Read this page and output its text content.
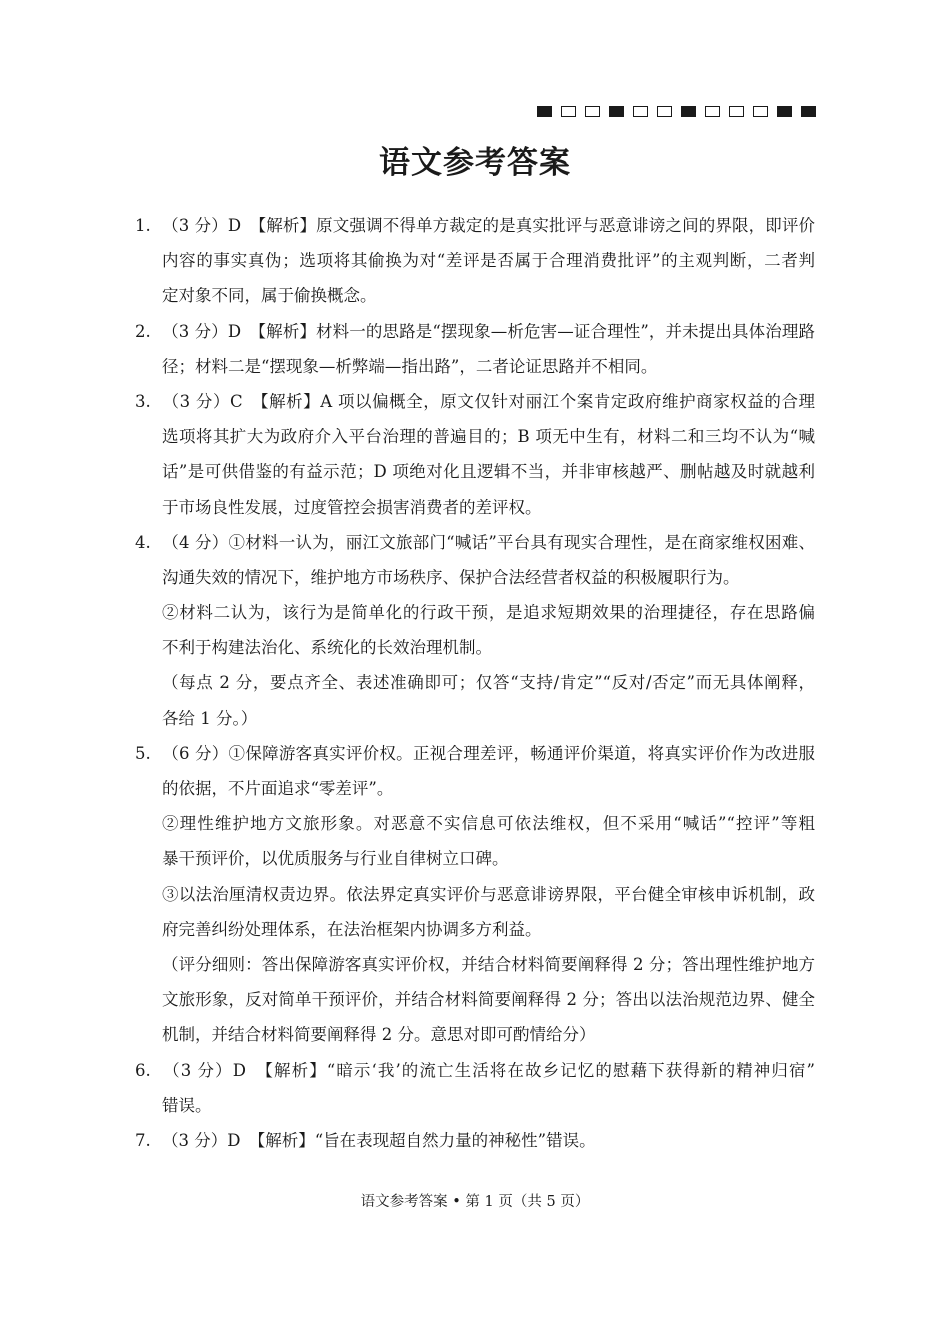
语文参考答案
1. （3 分）D　【解析】原文强调不得单方裁定的是真实批评与恶意诽谤之间的界限，即评价
内容的事实真伪；选项将其偷换为对“差评是否属于合理消费批评”的主观判断，二者判
定对象不同，属于偷换概念。
2. （3 分）D　【解析】材料一的思路是“摆现象—析危害—证合理性”，并未提出具体治理路
径；材料二是“摆现象—析弊端—指出路”，二者论证思路并不相同。
3. （3 分）C　【解析】A 项以偏概全，原文仅针对丽江个案肯定政府维护商家权益的合理
选项将其扩大为政府介入平台治理的普遍目的；B 项无中生有，材料二和三均不认为“喊
话”是可供借鉴的有益示范；D 项绝对化且逻辑不当，并非审核越严、删帖越及时就越利
于市场良性发展，过度管控会损害消费者的差评权。
4. （4 分）①材料一认为，丽江文旅部门“喊话”平台具有现实合理性，是在商家维权困难、
沟通失效的情况下，维护地方市场秩序、保护合法经营者权益的积极履职行为。
②材料二认为，该行为是简单化的行政干预，是追求短期效果的治理捷径，存在思路偏
不利于构建法治化、系统化的长效治理机制。
（每点 2 分，要点齐全、表述准确即可；仅答“支持/肯定”“反对/否定”而无具体阐释，
各给 1 分。）
5. （6 分）①保障游客真实评价权。正视合理差评，畅通评价渠道，将真实评价作为改进服
的依据，不片面追求“零差评”。
②理性维护地方文旅形象。对恶意不实信息可依法维权，但不采用“喊话”“控评”等粗
暴干预评价，以优质服务与行业自律树立口碑。
③以法治厘清权责边界。依法界定真实评价与恶意诽谤界限，平台健全审核申诉机制，政
府完善纠纷处理体系，在法治框架内协调多方利益。
（评分细则：答出保障游客真实评价权，并结合材料简要阐释得 2 分；答出理性维护地方
文旅形象，反对简单干预评价，并结合材料简要阐释得 2 分；答出以法治规范边界、健全
机制，并结合材料简要阐释得 2 分。意思对即可酌情给分）
6. （3 分）D　【解析】“暗示‘我’的流亡生活将在故乡记忆的慰藉下获得新的精神归宿”
错误。
7. （3 分）D　【解析】“旨在表现超自然力量的神秘性”错误。
语文参考答案 • 第 1 页（共 5 页）
